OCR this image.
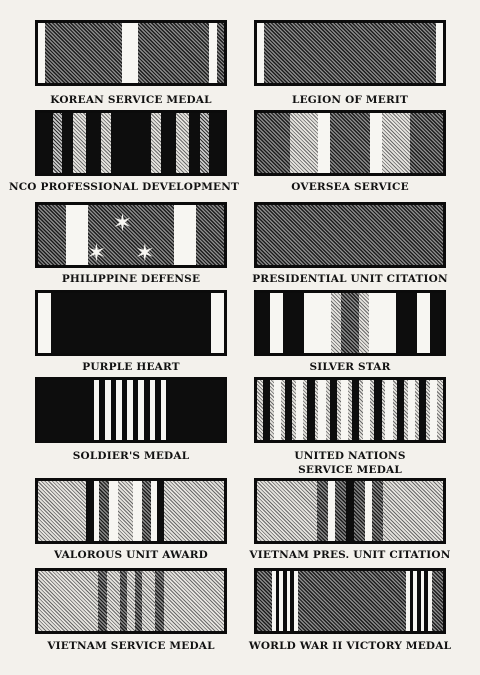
KOREAN SERVICE MEDAL	LEGION OF MERIT
NCO PROFESSIONAL DEVELOPMENT	OVERSEA SERVICE
✶
✶ ✶
PHILIPPINE DEFENSE	PRESIDENTIAL UNIT CITATION
PURPLE HEART	SILVER STAR
SOLDIER'S MEDAL	UNITED NATIONS
SERVICE MEDAL
VALOROUS UNIT AWARD	VIETNAM PRES. UNIT CITATION
VIETNAM SERVICE MEDAL	WORLD WAR II VICTORY MEDAL
